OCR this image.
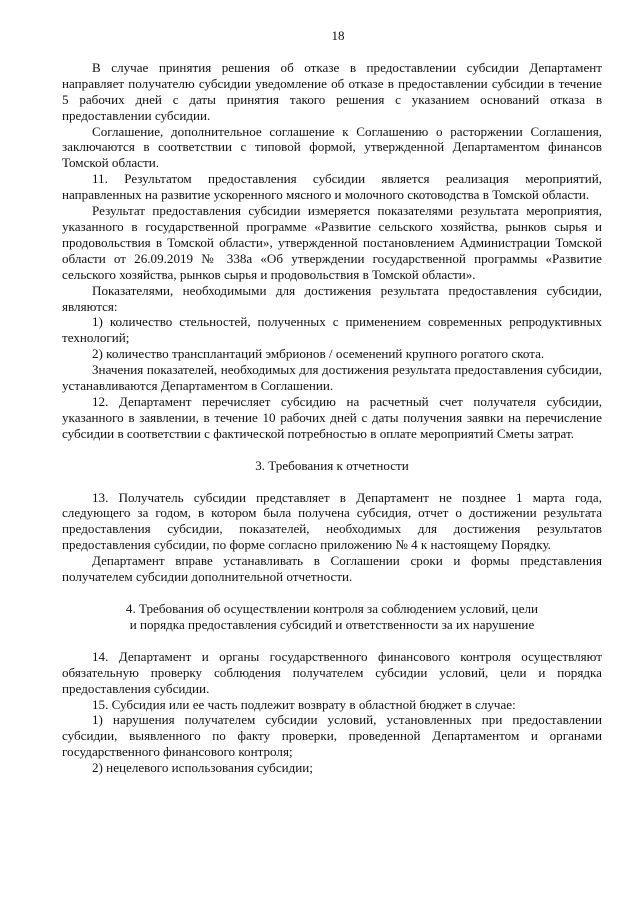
18

В случае принятия решения об отказе в предоставлении субсидии Департамент направляет получателю субсидии уведомление об отказе в предоставлении субсидии в течение 5 рабочих дней с даты принятия такого решения с указанием оснований отказа в предоставлении субсидии.

Соглашение, дополнительное соглашение к Соглашению о расторжении Соглашения, заключаются в соответствии с типовой формой, утвержденной Департаментом финансов Томской области.

11. Результатом предоставления субсидии является реализация мероприятий, направленных на развитие ускоренного мясного и молочного скотоводства в Томской области.

Результат предоставления субсидии измеряется показателями результата мероприятия, указанного в государственной программе «Развитие сельского хозяйства, рынков сырья и продовольствия в Томской области», утвержденной постановлением Администрации Томской области от 26.09.2019 № 338а «Об утверждении государственной программы «Развитие сельского хозяйства, рынков сырья и продовольствия в Томской области».

Показателями, необходимыми для достижения результата предоставления субсидии, являются:

1) количество стельностей, полученных с применением современных репродуктивных технологий;

2) количество трансплантаций эмбрионов / осеменений крупного рогатого скота.

Значения показателей, необходимых для достижения результата предоставления субсидии, устанавливаются Департаментом в Соглашении.

12. Департамент перечисляет субсидию на расчетный счет получателя субсидии, указанного в заявлении, в течение 10 рабочих дней с даты получения заявки на перечисление субсидии в соответствии с фактической потребностью в оплате мероприятий Сметы затрат.

3. Требования к отчетности

13. Получатель субсидии представляет в Департамент не позднее 1 марта года, следующего за годом, в котором была получена субсидия, отчет о достижении результата предоставления субсидии, показателей, необходимых для достижения результатов предоставления субсидии, по форме согласно приложению № 4 к настоящему Порядку.

Департамент вправе устанавливать в Соглашении сроки и формы представления получателем субсидии дополнительной отчетности.

4. Требования об осуществлении контроля за соблюдением условий, цели

и порядка предоставления субсидий и ответственности за их нарушение

14. Департамент и органы государственного финансового контроля осуществляют обязательную проверку соблюдения получателем субсидии условий, цели и порядка предоставления субсидии.

15. Субсидия или ее часть подлежит возврату в областной бюджет в случае:

1) нарушения получателем субсидии условий, установленных при предоставлении субсидии, выявленного по факту проверки, проведенной Департаментом и органами государственного финансового контроля;

2) нецелевого использования субсидии;
